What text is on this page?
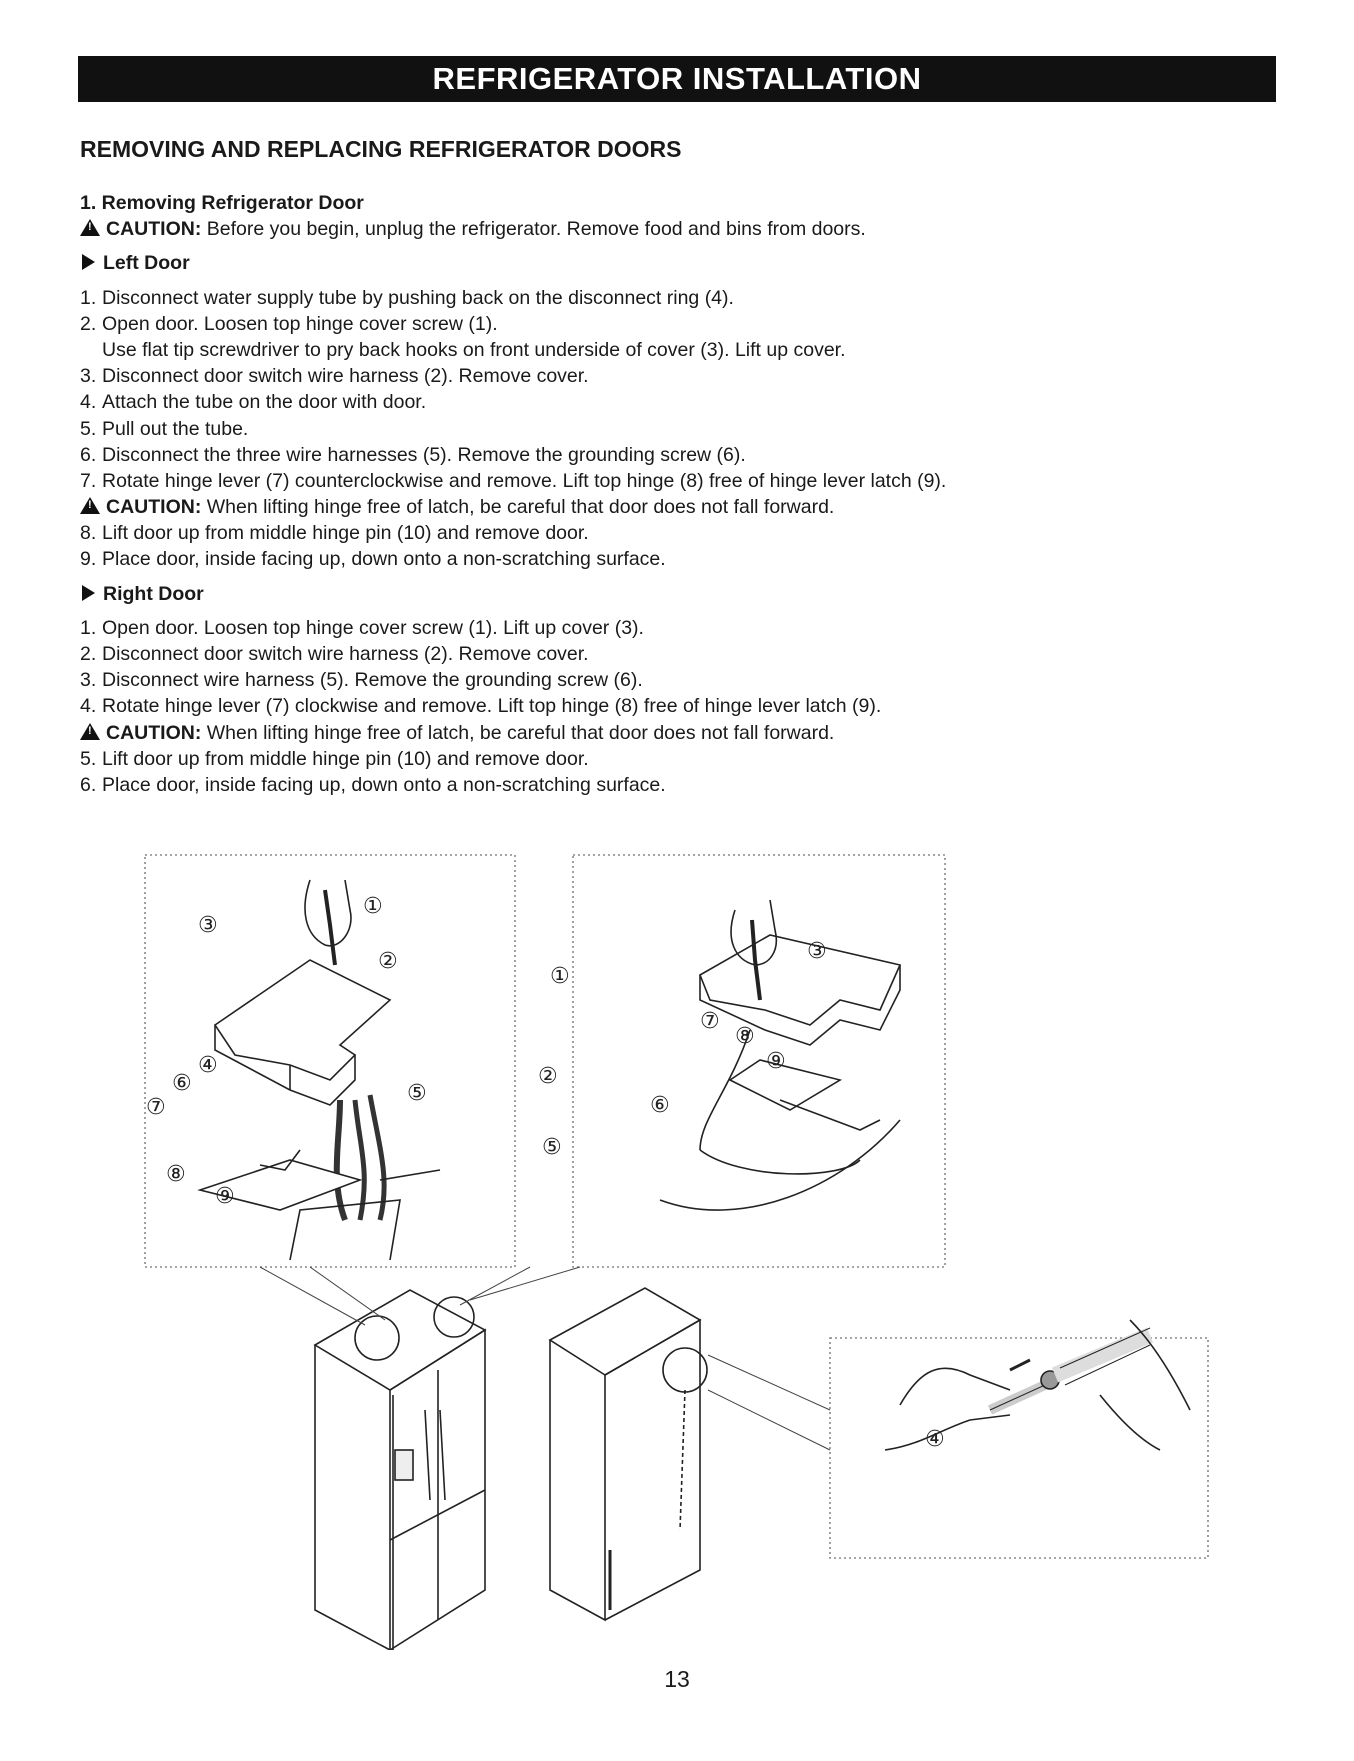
REFRIGERATOR INSTALLATION
REMOVING AND REPLACING REFRIGERATOR DOORS
1. Removing Refrigerator Door
!CAUTION: Before you begin, unplug the refrigerator. Remove food and bins from doors.
Left Door
1. Disconnect water supply tube by pushing back on the disconnect ring (4).
2. Open door. Loosen top hinge cover screw (1).
Use flat tip screwdriver to pry back hooks on front underside of cover (3). Lift up cover.
3. Disconnect door switch wire harness (2). Remove cover.
4. Attach the tube on the door with door.
5. Pull out the tube.
6. Disconnect the three wire harnesses (5). Remove the grounding screw (6).
7. Rotate hinge lever (7) counterclockwise and remove. Lift top hinge (8) free of hinge lever latch (9).
!CAUTION: When lifting hinge free of latch, be careful that door does not fall forward.
8. Lift door up from middle hinge pin (10) and remove door.
9. Place door, inside facing up, down onto a non-scratching surface.
Right Door
1. Open door. Loosen top hinge cover screw (1). Lift up cover (3).
2. Disconnect door switch wire harness (2). Remove cover.
3. Disconnect wire harness (5). Remove the grounding screw (6).
4. Rotate hinge lever (7) clockwise and remove. Lift top hinge (8) free of hinge lever latch (9).
!CAUTION: When lifting hinge free of latch, be careful that door does not fall forward.
5. Lift door up from middle hinge pin (10) and remove door.
6. Place door, inside facing up, down onto a non-scratching surface.
③
①
②
④
⑥
⑦
⑤
⑧
⑨
①
③
⑦
⑧
②
⑨
⑥
⑤
④
13
